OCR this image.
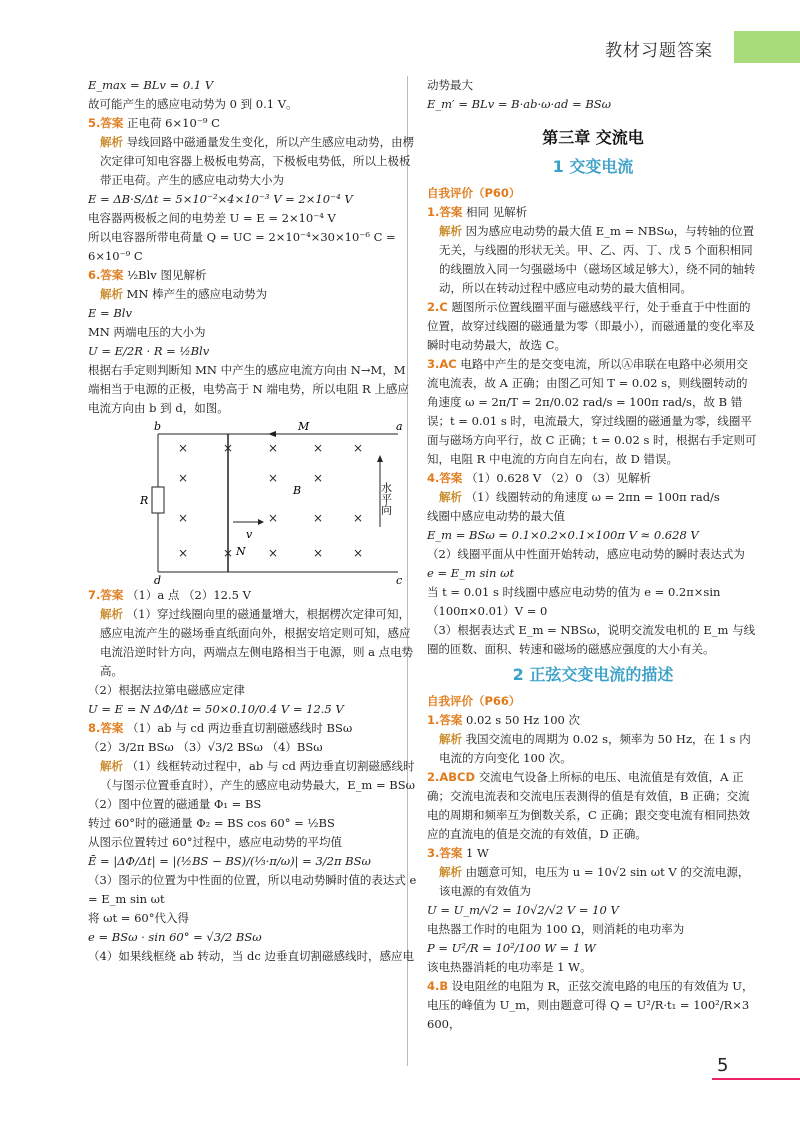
教材习题答案

E_max = BLv = 0.1 V

故可能产生的感应电动势为 0 到 0.1 V。

5.答案 正电荷 6×10⁻⁹ C

解析 导线回路中磁通量发生变化，所以产生感应电动势，由楞次定律可知电容器上极板电势高，下极板电势低，所以上极板带正电荷。产生的感应电动势大小为

E = ΔB·S/Δt = 5×10⁻²×4×10⁻³ V = 2×10⁻⁴ V

电容器两极板之间的电势差 U = E = 2×10⁻⁴ V

所以电容器所带电荷量 Q = UC = 2×10⁻⁴×30×10⁻⁶ C = 6×10⁻⁹ C

6.答案 ½Blv 图见解析

解析 MN 棒产生的感应电动势为

E = Blv

MN 两端电压的大小为

U = E/2R · R = ½Blv

根据右手定则判断知 MN 中产生的感应电流方向由 N→M，M 端相当于电源的正极，电势高于 N 端电势，所以电阻 R 上感应电流方向由 b 到 d，如图。

×	×	×	× ×
×	×	×
×	×	× ×
×	×	×	× ×
b	M	a
B
R
v
N
d	c
水平向

7.答案 （1）a 点 （2）12.5 V

解析 （1）穿过线圈向里的磁通量增大，根据楞次定律可知，感应电流产生的磁场垂直纸面向外，根据安培定则可知，感应电流沿逆时针方向，两端点左侧电路相当于电源，则 a 点电势高。

（2）根据法拉第电磁感应定律

U = E = N ΔΦ/Δt = 50×0.10/0.4 V = 12.5 V

8.答案 （1）ab 与 cd 两边垂直切割磁感线时 BSω

（2）3/2π BSω （3）√3/2 BSω （4）BSω

解析 （1）线框转动过程中，ab 与 cd 两边垂直切割磁感线时（与图示位置垂直时），产生的感应电动势最大，E_m = BSω

（2）图中位置的磁通量 Φ₁ = BS

转过 60°时的磁通量 Φ₂ = BS cos 60° = ½BS

从图示位置转过 60°过程中，感应电动势的平均值

Ē = |ΔΦ/Δt| = |(½BS − BS)/(⅓·π/ω)| = 3/2π BSω

（3）图示的位置为中性面的位置，所以电动势瞬时值的表达式 e = E_m sin ωt

将 ωt = 60°代入得

e = BSω · sin 60° = √3/2 BSω

（4）如果线框绕 ab 转动，当 dc 边垂直切割磁感线时，感应电

动势最大

E_m′ = BLv = B·ab·ω·ad = BSω

第三章 交流电
1 交变电流
自我评价（P60）

1.答案 相同 见解析

解析 因为感应电动势的最大值 E_m = NBSω，与转轴的位置无关，与线圈的形状无关。甲、乙、丙、丁、戊 5 个面积相同的线圈放入同一匀强磁场中（磁场区域足够大），绕不同的轴转动，所以在转动过程中感应电动势的最大值相同。

2.C 题图所示位置线圈平面与磁感线平行，处于垂直于中性面的位置，故穿过线圈的磁通量为零（即最小），而磁通量的变化率及瞬时电动势最大，故选 C。

3.AC 电路中产生的是交变电流，所以Ⓐ串联在电路中必须用交流电流表，故 A 正确；由图乙可知 T = 0.02 s，则线圈转动的角速度 ω = 2π/T = 2π/0.02 rad/s = 100π rad/s，故 B 错误；t = 0.01 s 时，电流最大，穿过线圈的磁通量为零，线圈平面与磁场方向平行，故 C 正确；t = 0.02 s 时，根据右手定则可知，电阻 R 中电流的方向自左向右，故 D 错误。

4.答案 （1）0.628 V （2）0 （3）见解析

解析 （1）线圈转动的角速度 ω = 2πn = 100π rad/s

线圈中感应电动势的最大值

E_m = BSω = 0.1×0.2×0.1×100π V ≈ 0.628 V

（2）线圈平面从中性面开始转动，感应电动势的瞬时表达式为

e = E_m sin ωt

当 t = 0.01 s 时线圈中感应电动势的值为 e = 0.2π×sin（100π×0.01）V = 0

（3）根据表达式 E_m = NBSω，说明交流发电机的 E_m 与线圈的匝数、面积、转速和磁场的磁感应强度的大小有关。

2 正弦交变电流的描述
自我评价（P66）

1.答案 0.02 s 50 Hz 100 次

解析 我国交流电的周期为 0.02 s，频率为 50 Hz，在 1 s 内电流的方向变化 100 次。

2.ABCD 交流电气设备上所标的电压、电流值是有效值，A 正确；交流电流表和交流电压表测得的值是有效值，B 正确；交流电的周期和频率互为倒数关系，C 正确；跟交变电流有相同热效应的直流电的值是交流的有效值，D 正确。

3.答案 1 W

解析 由题意可知，电压为 u = 10√2 sin ωt V 的交流电源，该电源的有效值为

U = U_m/√2 = 10√2/√2 V = 10 V

电热器工作时的电阻为 100 Ω，则消耗的电功率为

P = U²/R = 10²/100 W = 1 W

该电热器消耗的电功率是 1 W。

4.B 设电阻丝的电阻为 R，正弦交流电路的电压的有效值为 U，电压的峰值为 U_m，则由题意可得 Q = U²/R·t₁ = 100²/R×3 600，

5
